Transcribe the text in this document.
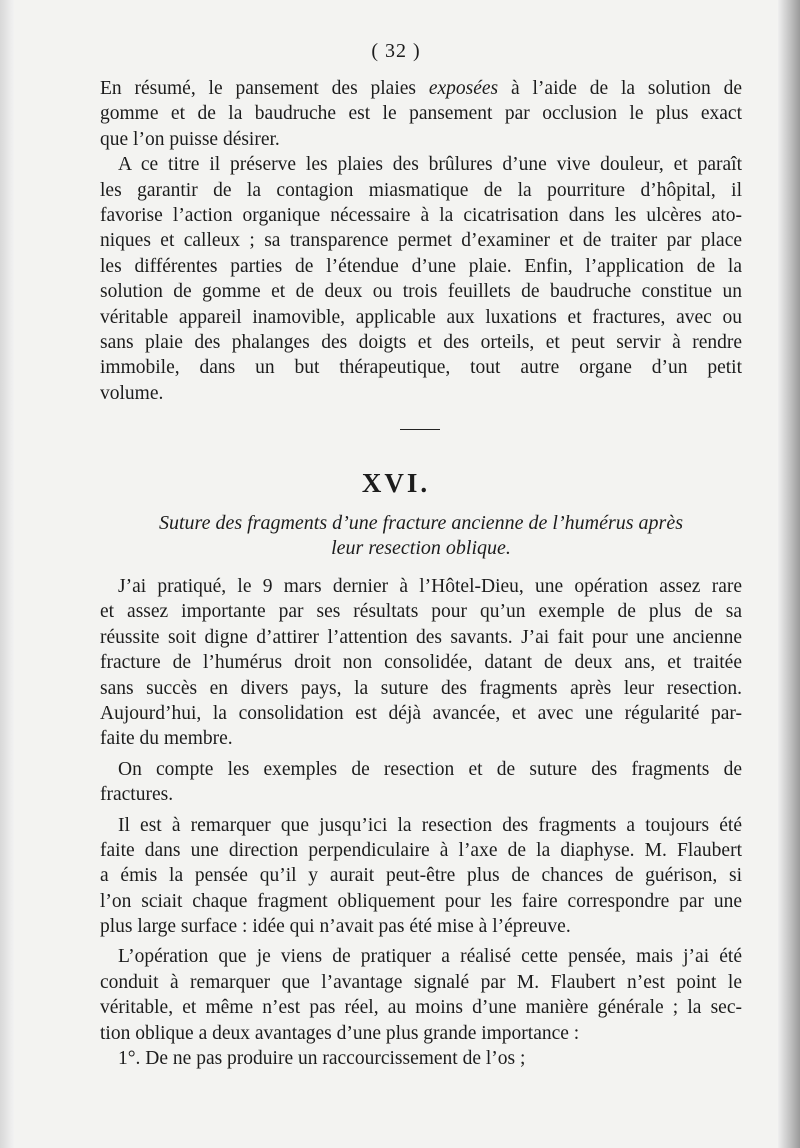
( 32 )
En résumé, le pansement des plaies exposées à l’aide de la solution de
gomme et de la baudruche est le pansement par occlusion le plus exact
que l’on puisse désirer.
A ce titre il préserve les plaies des brûlures d’une vive douleur, et paraît
les garantir de la contagion miasmatique de la pourriture d’hôpital, il
favorise l’action organique nécessaire à la cicatrisation dans les ulcères ato-
niques et calleux ; sa transparence permet d’examiner et de traiter par place
les différentes parties de l’étendue d’une plaie. Enfin, l’application de la
solution de gomme et de deux ou trois feuillets de baudruche constitue un
véritable appareil inamovible, applicable aux luxations et fractures, avec ou
sans plaie des phalanges des doigts et des orteils, et peut servir à rendre
immobile, dans un but thérapeutique, tout autre organe d’un petit
volume.
XVI.
Suture des fragments d’une fracture ancienne de l’humérus après
leur resection oblique.
J’ai pratiqué, le 9 mars dernier à l’Hôtel-Dieu, une opération assez rare
et assez importante par ses résultats pour qu’un exemple de plus de sa
réussite soit digne d’attirer l’attention des savants. J’ai fait pour une ancienne
fracture de l’humérus droit non consolidée, datant de deux ans, et traitée
sans succès en divers pays, la suture des fragments après leur resection.
Aujourd’hui, la consolidation est déjà avancée, et avec une régularité par-
faite du membre.
On compte les exemples de resection et de suture des fragments de
fractures.
Il est à remarquer que jusqu’ici la resection des fragments a toujours été
faite dans une direction perpendiculaire à l’axe de la diaphyse. M. Flaubert
a émis la pensée qu’il y aurait peut-être plus de chances de guérison, si
l’on sciait chaque fragment obliquement pour les faire correspondre par une
plus large surface : idée qui n’avait pas été mise à l’épreuve.
L’opération que je viens de pratiquer a réalisé cette pensée, mais j’ai été
conduit à remarquer que l’avantage signalé par M. Flaubert n’est point le
véritable, et même n’est pas réel, au moins d’une manière générale ; la sec-
tion oblique a deux avantages d’une plus grande importance :
1°. De ne pas produire un raccourcissement de l’os ;
